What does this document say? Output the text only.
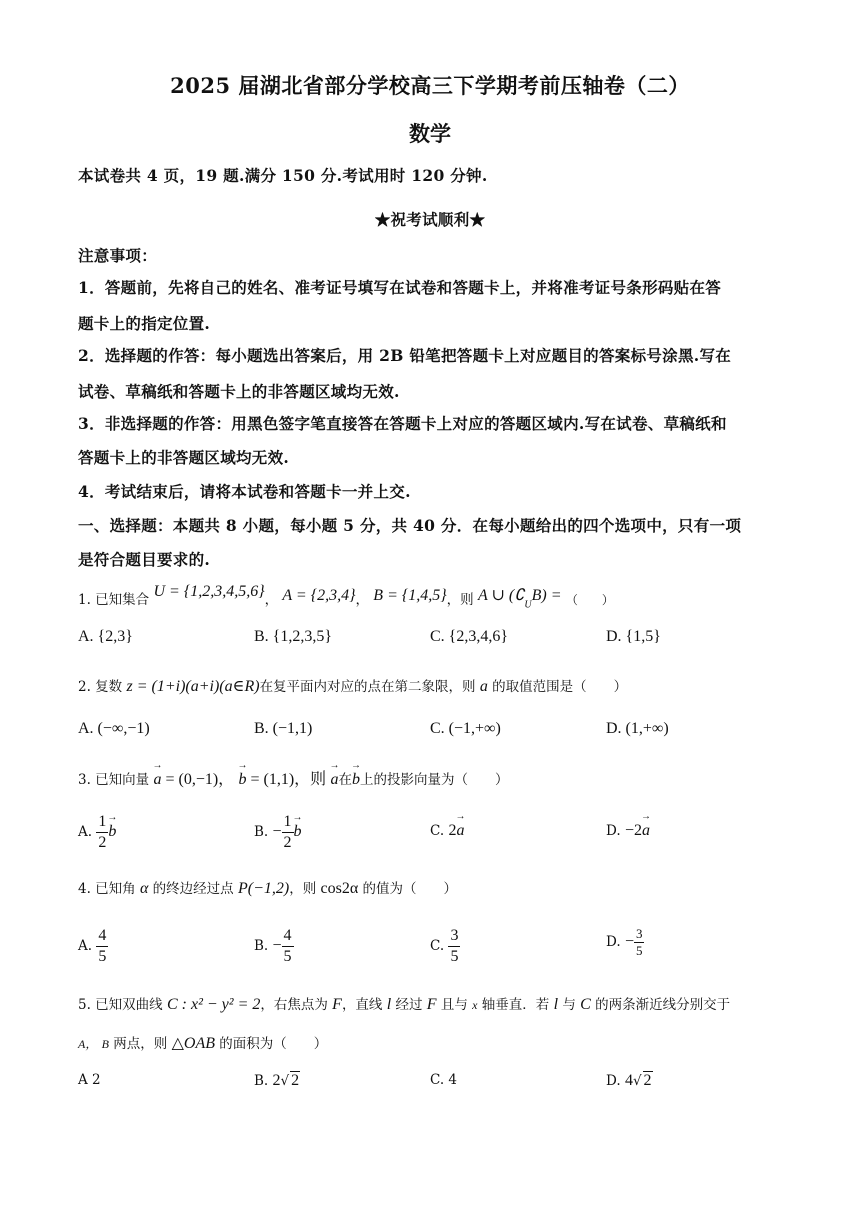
2025 届湖北省部分学校高三下学期考前压轴卷（二）
数学
本试卷共 4 页，19 题.满分 150 分.考试用时 120 分钟.
★祝考试顺利★
注意事项：
1．答题前，先将自己的姓名、准考证号填写在试卷和答题卡上，并将准考证号条形码贴在答
题卡上的指定位置.
2．选择题的作答：每小题选出答案后，用 2B 铅笔把答题卡上对应题目的答案标号涂黑.写在
试卷、草稿纸和答题卡上的非答题区域均无效.
3．非选择题的作答：用黑色签字笔直接答在答题卡上对应的答题区域内.写在试卷、草稿纸和
答题卡上的非答题区域均无效.
4．考试结束后，请将本试卷和答题卡一并上交.
一、选择题：本题共 8 小题，每小题 5 分，共 40 分．在每小题给出的四个选项中，只有一项
是符合题目要求的.
1. 已知集合 U = {1,2,3,4,5,6}， A = {2,3,4}， B = {1,4,5}，则 A ∪ $(∁_UB)$ = （　　）
A. {2,3}	B. {1,2,3,5}	C. {2,3,4,6}	D. {1,5}
2. 复数 z = (1+i)(a+i)(a∈R)在复平面内对应的点在第二象限，则 a 的取值范围是（　　）
A. (−∞,−1)	B. (−1,1)	C. (−1,+∞)	D. (1,+∞)
3. 已知向量 → a = (0,−1)， → b = (1,1)，则 → a在→ b上的投影向量为（　　）
A. $\frac{1}{2}$
→ b	B. − $\frac{1}{2}$
→ b	C. 2→ a	D. −2→ a
4. 已知角 α 的终边经过点 P(−1,2)，则 cos2α 的值为（　　）
A. $\frac{4}{5}$	B. − $\frac{4}{5}$	C. $\frac{3}{5}$	D. − $\frac{3}{5}$
5. 已知双曲线 C : x² − y² = 2，右焦点为 F，直线 l 经过 F 且与 x 轴垂直．若 l 与 C 的两条渐近线分别交于
A， B 两点，则 △OAB 的面积为（　　）
A 2	B. 2√ 2	C. 4	D. 4√ 2
